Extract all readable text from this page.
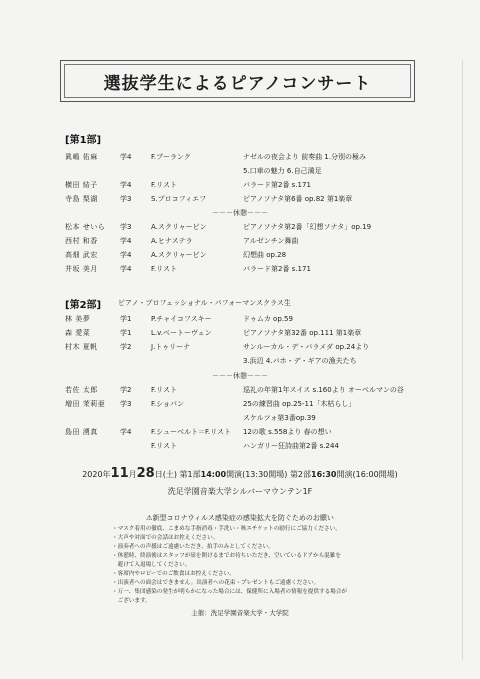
選抜学生によるピアノコンサート
[第1部]
眞嶋 佑麻	学4	F.プーランク	ナゼルの夜会より 前奏曲 1.分別の極み
5.口車の魅力 6.自己満足
横田 結子	学4	F.リスト	バラード第2番 s.171
寺島 梨湖	学3	S.プロコフィエフ	ピアノソナタ第6番 op.82 第1楽章
松本 せいら 学3	A.スクリャービン	ピアノソナタ第2番「幻想ソナタ」op.19
西村 和香	学4	A.ヒナステラ	アルゼンチン舞曲
高畑 武宏	学4	A.スクリャービン	幻想曲 op.28
井坂 美月	学4	F.リスト	バラード第2番 s.171
－－－休憩－－－
[第2部] ピアノ・プロフェッショナル・パフォーマンスクラス生
林 美夢	学1	P.チャイコフスキー	ドゥムカ op.59
森 愛菜	学1	L.v.ベートーヴェン	ピアノソナタ第32番 op.111 第1楽章
村木 夏帆	学2	J.トゥリーナ	サンルーカル・デ・バラメダ op.24より
3.浜辺 4.バホ・デ・ギアの漁夫たち
若佐 太郎	学2	F.リスト	巡礼の年第1年スイス s.160より オーベルマンの谷
増田 茉莉亜 学3	F.ショパン	25の練習曲 op.25-11「木枯らし」
スケルツォ第3番op.39
島田 湧真	学4	F.シューベルト＝F.リスト 12の歌 s.558より 春の想い
F.リスト	ハンガリー狂詩曲第2番 s.244
－－－休憩－－－
2020年11月28日(土) 第1部14:00開演(13:30開場) 第2部16:30開演(16:00開場)
洗足学園音楽大学シルバーマウンテン1F
⚠新型コロナウィルス感染症の感染拡大を防ぐためのお願い
・マスク着用の徹底、こまめな手指消毒・手洗い・咳エチケットの励行にご協力ください。
・大声や対面での会話はお控えください。
・演奏者への声援はご遠慮いただき、拍手のみとしてください。
・休憩時、終演後はスタッフが扉を開けるまでお待ちいただき、空いているドアから混雑を
　避けて入退場してください。
・客席内やロビーでのご飲食はお控えください。
・出演者への面会はできません。出演者への花束・プレゼントもご遠慮ください。
・万一、集団感染の発生が明らかになった場合には、保健所に入場者の情報を提供する場合が
　ございます。
主催：洗足学園音楽大学・大学院
